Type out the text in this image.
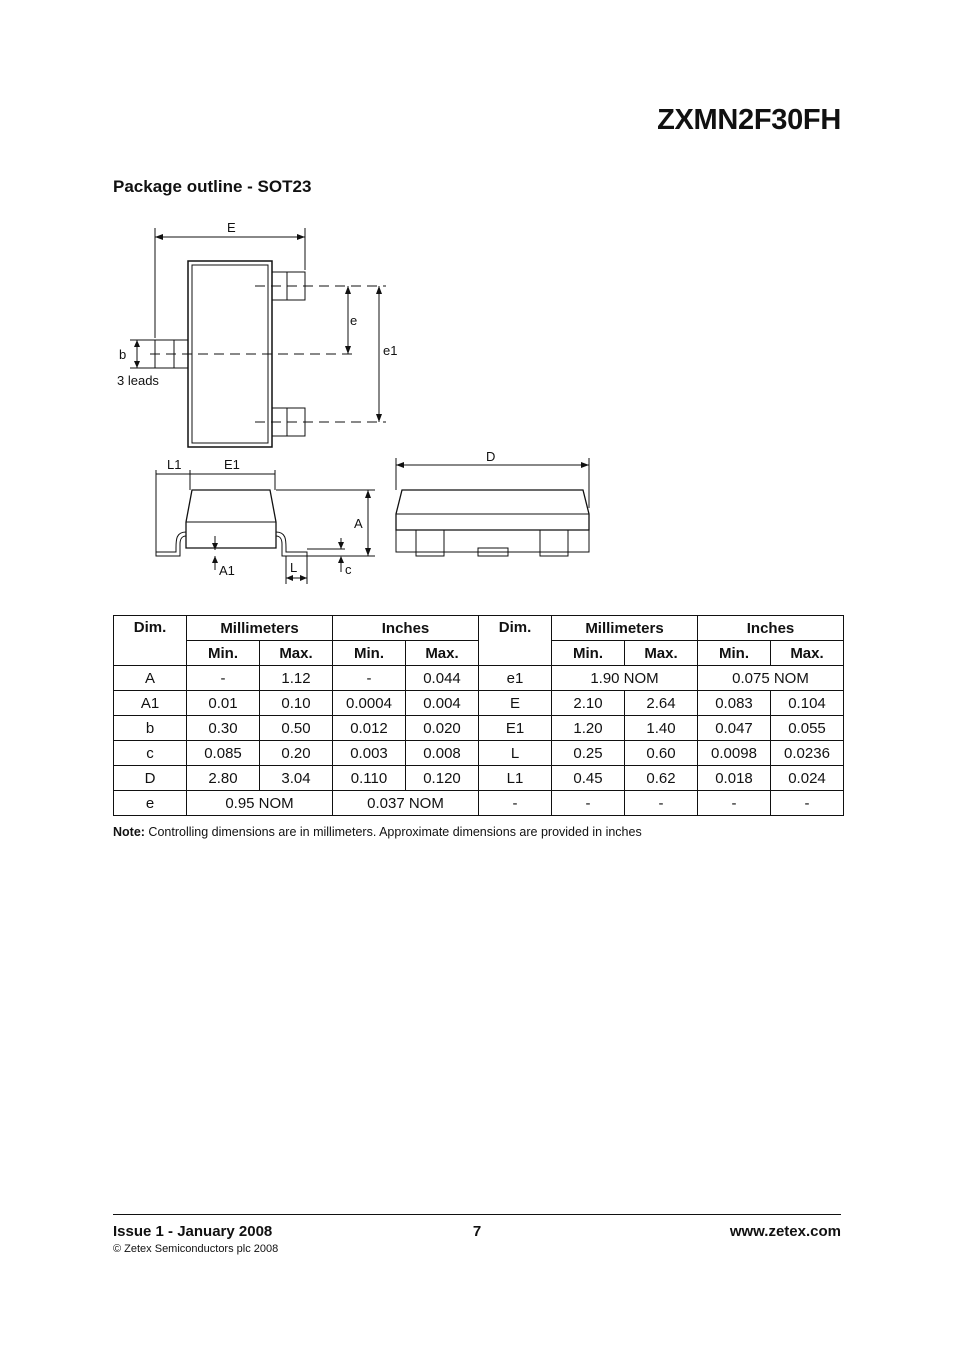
ZXMN2F30FH
Package outline - SOT23
E
e
e1
b
3 leads
L1	E1
A
A1	L	c
D
Dim.	Millimeters		Inches		Dim.	Millimeters		Inches	
	Min.	Max.	Min.	Max.		Min.	Max.	Min.	Max.
A	-	1.12	-	0.044	e1	1.90 NOM		0.075 NOM	
A1	0.01	0.10	0.0004	0.004	E	2.10	2.64	0.083	0.104
b	0.30	0.50	0.012	0.020	E1	1.20	1.40	0.047	0.055
c	0.085	0.20	0.003	0.008	L	0.25	0.60	0.0098	0.0236
D	2.80	3.04	0.110	0.120	L1	0.45	0.62	0.018	0.024
e	0.95 NOM		0.037 NOM		-	-	-	-	-
Note: Controlling dimensions are in millimeters. Approximate dimensions are provided in inches
Issue 1 - January 2008	7	www.zetex.com
© Zetex Semiconductors plc 2008
